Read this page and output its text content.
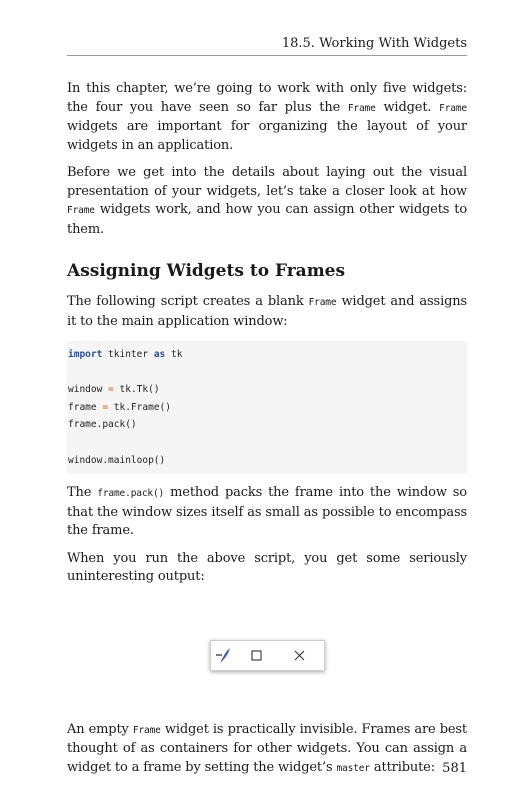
18.5. Working With Widgets

In this chapter, we’re going to work with only five widgets: the four you have seen so far plus the Frame widget. Frame widgets are important for organizing the layout of your widgets in an application.

Before we get into the details about laying out the visual presentation of your widgets, let’s take a closer look at how Frame widgets work, and how you can assign other widgets to them.

Assigning Widgets to Frames

The following script creates a blank Frame widget and assigns it to the main application window:

import tkinter as tk
window = tk.Tk()
frame = tk.Frame()
frame.pack()
window.mainloop()

The frame.pack() method packs the frame into the window so that the window sizes itself as small as possible to encompass the frame.

When you run the above script, you get some seriously uninteresting output:

An empty Frame widget is practically invisible. Frames are best thought of as containers for other widgets. You can assign a widget to a frame by setting the widget’s master attribute: 581
